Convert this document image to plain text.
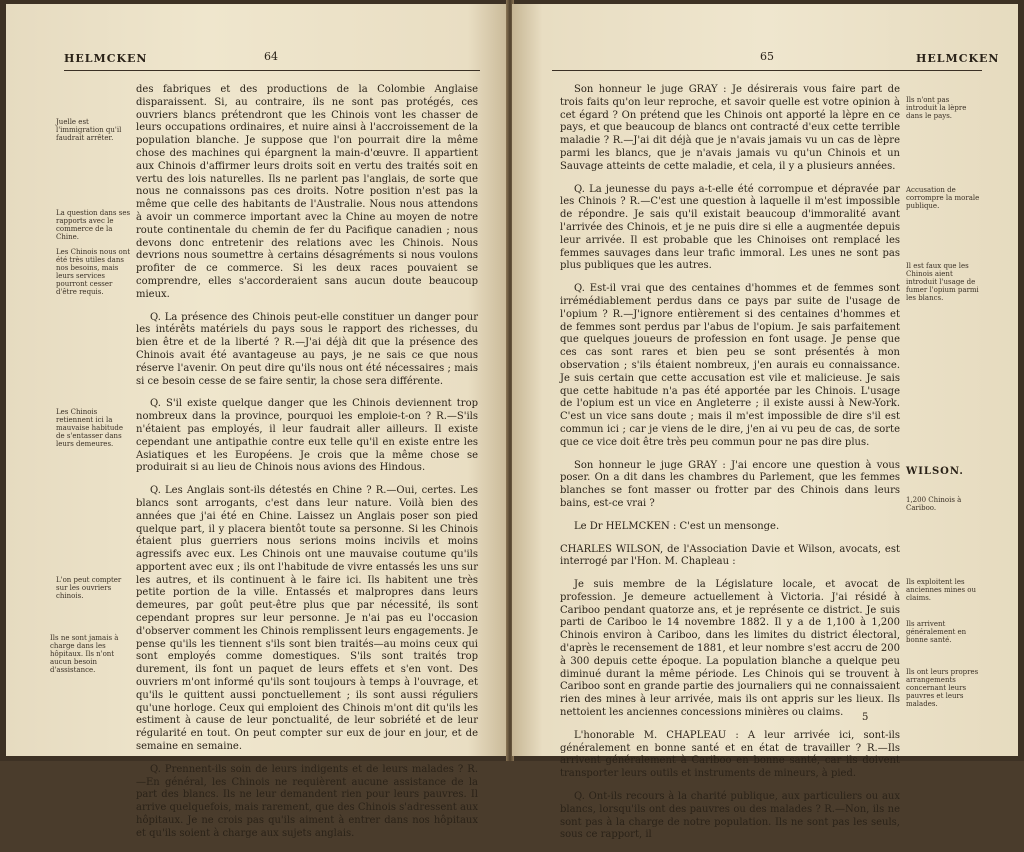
HELMCKEN	64
Juelle est l'immigration qu'il faudrait arrêter.
La question dans ses rapports avec le commerce de la Chine.
Les Chinois nous ont été très utiles dans nos besoins, mais leurs services pourront cesser d'être requis.
Les Chinois retiennent ici la mauvaise habitude de s'entasser dans leurs demeures.
L'on peut compter sur les ouvriers chinois.
Ils ne sont jamais à charge dans les hôpitaux. Ils n'ont aucun besoin d'assistance.

des fabriques et des productions de la Colombie Anglaise disparaissent. Si, au contraire, ils ne sont pas protégés, ces ouvriers blancs prétendront que les Chinois vont les chasser de leurs occupations ordinaires, et nuire ainsi à l'accroissement de la population blanche. Je suppose que l'on pourrait dire la même chose des machines qui épargnent la main-d'œuvre. Il appartient aux Chinois d'affirmer leurs droits soit en vertu des traités soit en vertu des lois naturelles. Ils ne parlent pas l'anglais, de sorte que nous ne connaissons pas ces droits. Notre position n'est pas la même que celle des habitants de l'Australie. Nous nous attendons à avoir un commerce important avec la Chine au moyen de notre route continentale du chemin de fer du Pacifique canadien ; nous devons donc entretenir des relations avec les Chinois. Nous devrions nous soumettre à certains désagréments si nous voulons profiter de ce commerce. Si les deux races pouvaient se comprendre, elles s'accorderaient sans aucun doute beaucoup mieux.

Q. La présence des Chinois peut-elle constituer un danger pour les intérêts matériels du pays sous le rapport des richesses, du bien être et de la liberté ? R.—J'ai déjà dit que la présence des Chinois avait été avantageuse au pays, je ne sais ce que nous réserve l'avenir. On peut dire qu'ils nous ont été nécessaires ; mais si ce besoin cesse de se faire sentir, la chose sera différente.

Q. S'il existe quelque danger que les Chinois deviennent trop nombreux dans la province, pourquoi les emploie-t-on ? R.—S'ils n'étaient pas employés, il leur faudrait aller ailleurs. Il existe cependant une antipathie contre eux telle qu'il en existe entre les Asiatiques et les Européens. Je crois que la même chose se produirait si au lieu de Chinois nous avions des Hindous.

Q. Les Anglais sont-ils détestés en Chine ? R.—Oui, certes. Les blancs sont arrogants, c'est dans leur nature. Voilà bien des années que j'ai été en Chine. Laissez un Anglais poser son pied quelque part, il y placera bientôt toute sa personne. Si les Chinois étaient plus guerriers nous serions moins incivils et moins agressifs avec eux. Les Chinois ont une mauvaise coutume qu'ils apportent avec eux ; ils ont l'habitude de vivre entassés les uns sur les autres, et ils continuent à le faire ici. Ils habitent une très petite portion de la ville. Entassés et malpropres dans leurs demeures, par goût peut-être plus que par nécessité, ils sont cependant propres sur leur personne. Je n'ai pas eu l'occasion d'observer comment les Chinois remplissent leurs engagements. Je pense qu'ils les tiennent s'ils sont bien traités—au moins ceux qui sont employés comme domestiques. S'ils sont traités trop durement, ils font un paquet de leurs effets et s'en vont. Des ouvriers m'ont informé qu'ils sont toujours à temps à l'ouvrage, et qu'ils le quittent aussi ponctuellement ; ils sont aussi réguliers qu'une horloge. Ceux qui emploient des Chinois m'ont dit qu'ils les estiment à cause de leur ponctualité, de leur sobriété et de leur régularité en tout. On peut compter sur eux de jour en jour, et de semaine en semaine.

Q. Prennent-ils soin de leurs indigents et de leurs malades ? R.—En général, les Chinois ne requièrent aucune assistance de la part des blancs. Ils ne leur demandent rien pour leurs pauvres. Il arrive quelquefois, mais rarement, que des Chinois s'adressent aux hôpitaux. Je ne crois pas qu'ils aiment à entrer dans nos hôpitaux et qu'ils soient à charge aux sujets anglais.

65	HELMCKEN

Son honneur le juge GRAY : Je désirerais vous faire part de trois faits qu'on leur reproche, et savoir quelle est votre opinion à cet égard ? On prétend que les Chinois ont apporté la lèpre en ce pays, et que beaucoup de blancs ont contracté d'eux cette terrible maladie ? R.—J'ai dit déjà que je n'avais jamais vu un cas de lèpre parmi les blancs, que je n'avais jamais vu qu'un Chinois et un Sauvage atteints de cette maladie, et cela, il y a plusieurs années.

Q. La jeunesse du pays a-t-elle été corrompue et dépravée par les Chinois ? R.—C'est une question à laquelle il m'est impossible de répondre. Je sais qu'il existait beaucoup d'immoralité avant l'arrivée des Chinois, et je ne puis dire si elle a augmentée depuis leur arrivée. Il est probable que les Chinoises ont remplacé les femmes sauvages dans leur trafic immoral. Les unes ne sont pas plus publiques que les autres.

Q. Est-il vrai que des centaines d'hommes et de femmes sont irrémédiablement perdus dans ce pays par suite de l'usage de l'opium ? R.—J'ignore entièrement si des centaines d'hommes et de femmes sont perdus par l'abus de l'opium. Je sais parfaitement que quelques joueurs de profession en font usage. Je pense que ces cas sont rares et bien peu se sont présentés à mon observation ; s'ils étaient nombreux, j'en aurais eu connaissance. Je suis certain que cette accusation est vile et malicieuse. Je sais que cette habitude n'a pas été apportée par les Chinois. L'usage de l'opium est un vice en Angleterre ; il existe aussi à New-York. C'est un vice sans doute ; mais il m'est impossible de dire s'il est commun ici ; car je viens de le dire, j'en ai vu peu de cas, de sorte que ce vice doit être très peu commun pour ne pas dire plus.

Son honneur le juge GRAY : J'ai encore une question à vous poser. On a dit dans les chambres du Parlement, que les femmes blanches se font masser ou frotter par des Chinois dans leurs bains, est-ce vrai ?

Le Dr HELMCKEN : C'est un mensonge.

CHARLES WILSON, de l'Association Davie et Wilson, avocats, est interrogé par l'Hon. M. Chapleau :

Je suis membre de la Législature locale, et avocat de profession. Je demeure actuellement à Victoria. J'ai résidé à Cariboo pendant quatorze ans, et je représente ce district. Je suis parti de Cariboo le 14 novembre 1882. Il y a de 1,100 à 1,200 Chinois environ à Cariboo, dans les limites du district électoral, d'après le recensement de 1881, et leur nombre s'est accru de 200 à 300 depuis cette époque. La population blanche a quelque peu diminué durant la même période. Les Chinois qui se trouvent à Cariboo sont en grande partie des journaliers qui ne connaissaient rien des mines à leur arrivée, mais ils ont appris sur les lieux. Ils nettoient les anciennes concessions minières ou claims.

L'honorable M. CHAPLEAU : A leur arrivée ici, sont-ils généralement en bonne santé et en état de travailler ? R.—Ils arrivent généralement à Cariboo en bonne santé, car ils doivent transporter leurs outils et instruments de mineurs, à pied.

Q. Ont-ils recours à la charité publique, aux particuliers ou aux blancs, lorsqu'ils ont des pauvres ou des malades ? R.—Non, ils ne sont pas à la charge de notre population. Ils ne sont pas les seuls, sous ce rapport, il

Ils n'ont pas introduit la lèpre dans le pays.
Accusation de corrompre la morale publique.
Il est faux que les Chinois aient introduit l'usage de fumer l'opium parmi les blancs.
WILSON.
1,200 Chinois à Cariboo.
Ils exploitent les anciennes mines ou claims.
Ils arrivent généralement en bonne santé.
Ils ont leurs propres arrangements concernant leurs pauvres et leurs malades.
5
